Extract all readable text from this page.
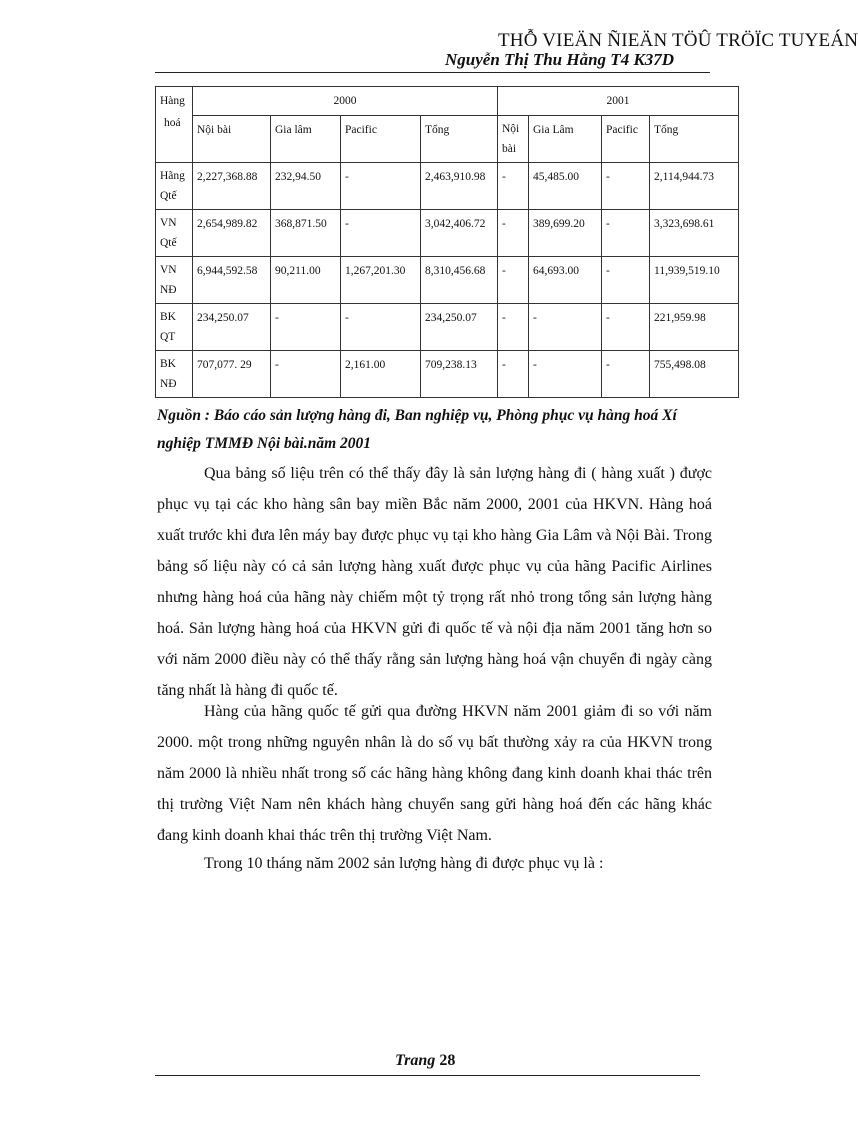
THỖ VIEÄN ÑIEÄN TÖÛ TRÖÏC TUYEÁN
Nguyễn Thị Thu Hằng T4 K37D
Hàng
hoá	2000				2001			
	Nội bài	Gia lâm	Pacific	Tổng	Nội
bài	Gia Lâm	Pacific	Tổng

Hãng
Qtế	2,227,368.88	232,94.50	-	2,463,910.98	-	45,485.00	-	2,114,944.73

VN
Qtế	2,654,989.82	368,871.50	-	3,042,406.72	-	389,699.20	-	3,323,698.61

VN
NĐ	6,944,592.58	90,211.00	1,267,201.30	8,310,456.68	-	64,693.00	-	11,939,519.10

BK
QT	234,250.07	-	-	234,250.07	-	-	-	221,959.98

BK
NĐ	707,077. 29	-	2,161.00	709,238.13	-	-	-	755,498.08
Nguồn : Báo cáo sản lượng hàng đi, Ban nghiệp vụ, Phòng phục vụ hàng hoá Xí nghiệp TMMĐ Nội bài.năm 2001

Qua bảng số liệu trên có thể thấy đây là sản lượng hàng đi ( hàng xuất ) được phục vụ tại các kho hàng sân bay miền Bắc năm 2000, 2001 của HKVN. Hàng hoá xuất trước khi đưa lên máy bay được phục vụ tại kho hàng Gia Lâm và Nội Bài. Trong bảng số liệu này có cả sản lượng hàng xuất được phục vụ của hãng Pacific Airlines nhưng hàng hoá của hãng này chiếm một tỷ trọng rất nhỏ trong tổng sản lượng hàng hoá. Sản lượng hàng hoá của HKVN gửi đi quốc tế và nội địa năm 2001 tăng hơn so với năm 2000 điều này có thể thấy rằng sản lượng hàng hoá vận chuyển đi ngày càng tăng nhất là hàng đi quốc tế.

Hàng của hãng quốc tế gửi qua đường HKVN năm 2001 giảm đi so với năm 2000. một trong những nguyên nhân là do số vụ bất thường xảy ra của HKVN trong năm 2000 là nhiều nhất trong số các hãng hàng không đang kinh doanh khai thác trên thị trường Việt Nam nên khách hàng chuyển sang gửi hàng hoá đến các hãng khác đang kinh doanh khai thác trên thị trường Việt Nam.

Trong 10 tháng năm 2002 sản lượng hàng đi được phục vụ là :

Trang 28
